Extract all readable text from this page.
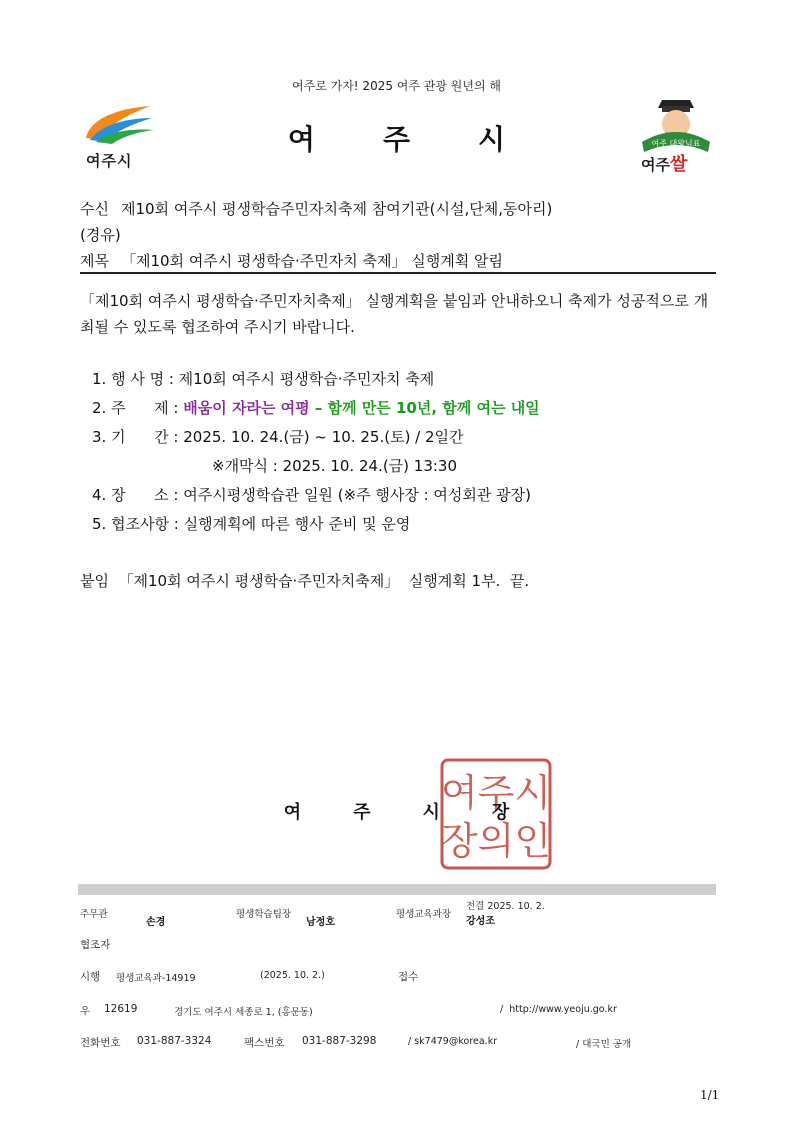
여주로 가자! 2025 여주 관광 원년의 해
여주시
여주시	여주 대왕님표
여주쌀
수신 제10회 여주시 평생학습주민자치축제 참여기관(시설,단체,동아리)
(경유)
제목 「제10회 여주시 평생학습·주민자치 축제」 실행계획 알림
「제10회 여주시 평생학습·주민자치축제」 실행계획을 붙임과 안내하오니 축제가 성공적으로 개최될 수 있도록 협조하여 주시기 바랍니다.
1. 행 사 명 : 제10회 여주시 평생학습·주민자치 축제
2. 주      제 : 배움이 자라는 여평 – 함께 만든 10년, 함께 여는 내일
3. 기      간 : 2025. 10. 24.(금) ~ 10. 25.(토) / 2일간
※개막식 : 2025. 10. 24.(금) 13:30
4. 장      소 : 여주시평생학습관 일원 (※주 행사장 : 여성회관 광장)
5. 협조사항 : 실행계획에 따른 행사 준비 및 운영
붙임  「제10회 여주시 평생학습·주민자치축제」  실행계획 1부.  끝.
여주시
장의인
여주시장
주무관
손경
평생학습팀장
남정호
평생교육과장
전결 2025. 10. 2.
강성조
협조자
시행 평생교육과-14919	(2025. 10. 2.)	접수
우 12619	경기도 여주시 세종로 1, (홍문동)	/  http://www.yeoju.go.kr
전화번호 031-887-3324	팩스번호 031-887-3298	/ sk7479@korea.kr	/ 대국민 공개
1/1
